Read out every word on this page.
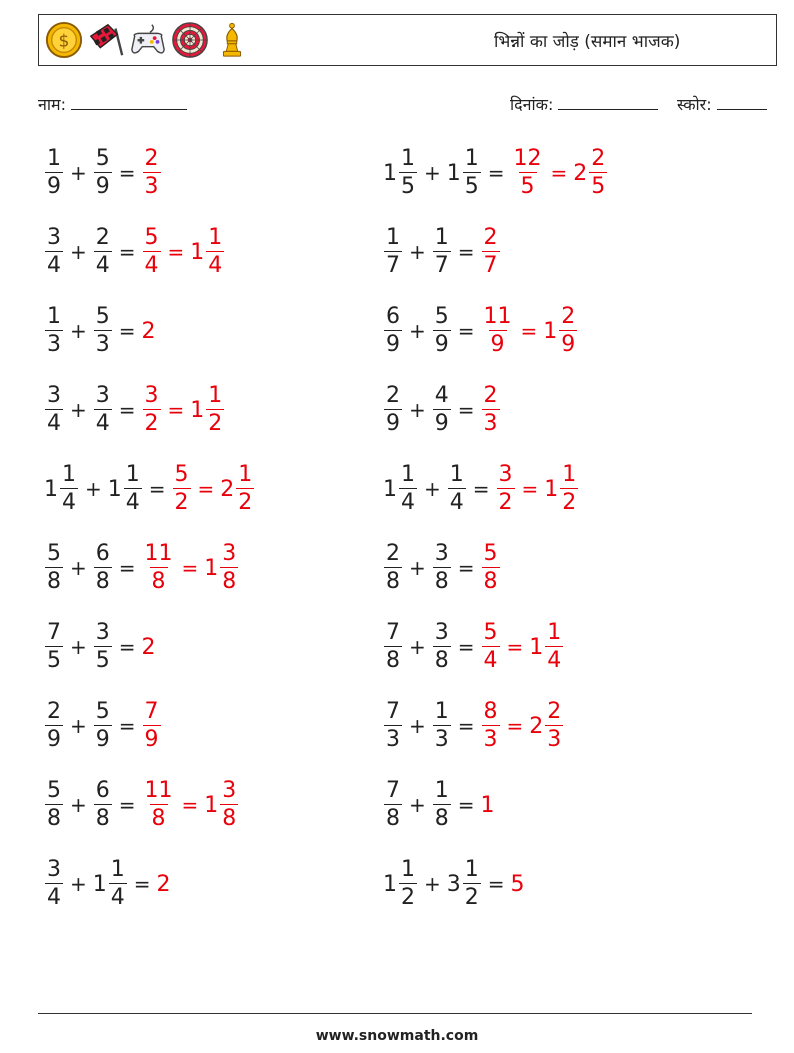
$	भिन्नों का जोड़ (समान भाजक)
नाम:	दिनांक:	स्कोर:
$\frac{1}{9} + \frac{5}{9} = \frac{2}{3}$	$1 \frac{1}{5} + 1 \frac{1}{5} = \frac{12}{5} = 2 \frac{2}{5}$
$\frac{3}{4} + \frac{2}{4} = \frac{5}{4} = 1 \frac{1}{4}$	$\frac{1}{7} + \frac{1}{7} = \frac{2}{7}$
$\frac{1}{3} + \frac{5}{3} = 2$	$\frac{6}{9} + \frac{5}{9} = \frac{11}{9} = 1 \frac{2}{9}$
$\frac{3}{4} + \frac{3}{4} = \frac{3}{2} = 1 \frac{1}{2}$	$\frac{2}{9} + \frac{4}{9} = \frac{2}{3}$
$1 \frac{1}{4} + 1 \frac{1}{4} = \frac{5}{2} = 2 \frac{1}{2}$	$1 \frac{1}{4} + \frac{1}{4} = \frac{3}{2} = 1 \frac{1}{2}$
$\frac{5}{8} + \frac{6}{8} = \frac{11}{8} = 1 \frac{3}{8}$	$\frac{2}{8} + \frac{3}{8} = \frac{5}{8}$
$\frac{7}{5} + \frac{3}{5} = 2$	$\frac{7}{8} + \frac{3}{8} = \frac{5}{4} = 1 \frac{1}{4}$
$\frac{2}{9} + \frac{5}{9} = \frac{7}{9}$	$\frac{7}{3} + \frac{1}{3} = \frac{8}{3} = 2 \frac{2}{3}$
$\frac{5}{8} + \frac{6}{8} = \frac{11}{8} = 1 \frac{3}{8}$	$\frac{7}{8} + \frac{1}{8} = 1$
$\frac{3}{4} + 1 \frac{1}{4} = 2$	$1 \frac{1}{2} + 3 \frac{1}{2} = 5$
www.snowmath.com
